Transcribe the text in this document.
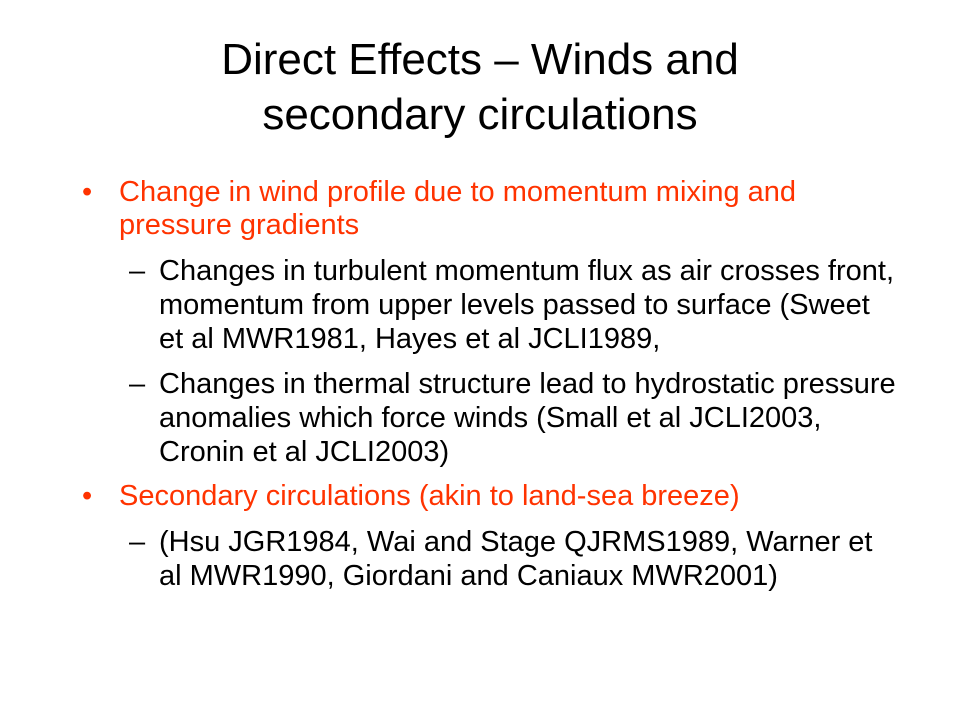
Direct Effects – Winds and
secondary circulations
• Change in wind profile due to momentum mixing and pressure gradients
– Changes in turbulent momentum flux as air crosses front, momentum from upper levels passed to surface (Sweet et al MWR1981, Hayes et al JCLI1989,
– Changes in thermal structure lead to hydrostatic pressure anomalies which force winds (Small et al JCLI2003, Cronin et al JCLI2003)
• Secondary circulations (akin to land-sea breeze)
– (Hsu JGR1984, Wai and Stage QJRMS1989, Warner et al MWR1990, Giordani and Caniaux MWR2001)
